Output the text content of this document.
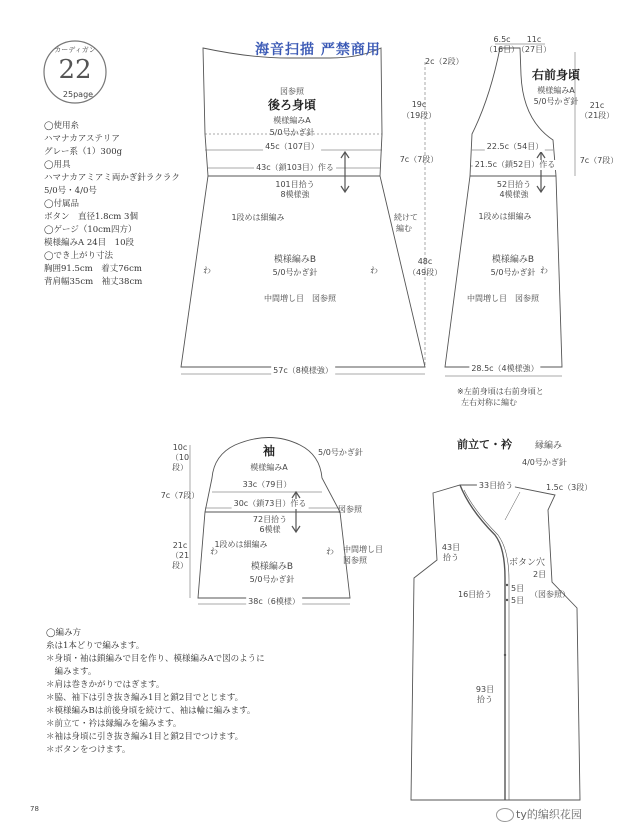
カーディガン
22
25page
海音扫描 严禁商用
◯使用糸
ハマナカアステリア
グレー系（1）300g
◯用具
ハマナカアミアミ両かぎ針ラクラク
5/0号・4/0号
◯付属品
ボタン　直径1.8cm 3個
◯ゲージ（10cm四方）
模様編みA 24目　10段
◯でき上がり寸法
胸囲91.5cm　着丈76cm
背肩幅35cm　袖丈38cm
図参照
後ろ身頃
模様編みA
5/0号かぎ針
45c（107目）
43c（鎖103目）作る
101目拾う
8模様強
1段めは細編み
模様編みB
5/0号かぎ針
中間増し目　図参照
57c（8模様強）
わ	わ
続けて
編む
2c（2段）
19c
（19段）
7c（7段）
48c
（49段）
6.5c
（16目）
11c
（27目）
右前身頃
模様編みA
5/0号かぎ針
22.5c（54目）
21.5c（鎖52目）作る
52目拾う
4模様強
1段めは細編み
模様編みB
5/0号かぎ針
中間増し目　図参照
28.5c（4模様強）
21c
（21段）
7c（7段）
わ
※左前身頃は右前身頃と
左右対称に編む
袖	5/0号かぎ針
模様編みA
33c（79目）
30c（鎖73目）作る
72目拾う
6模様
1段めは細編み
模様編みB
5/0号かぎ針
38c（6模様）
図参照
中間増し目
図参照
10c
（10段）
7c（7段）
21c
（21段）
わ	わ
前立て・衿	縁編み
4/0号かぎ針
33目拾う	1.5c（3段）
43目
拾う
ボタン穴
2目
16目拾う
5目
5目
（図参照）
93目
拾う
◯編み方
糸は1本どりで編みます。
＊身頃・袖は鎖編みで目を作り、模様編みAで図のように
　編みます。
＊肩は巻きかがりではぎます。
＊脇、袖下は引き抜き編み1目と鎖2目でとじます。
＊模様編みBは前後身頃を続けて、袖は輪に編みます。
＊前立て・衿は縁編みを編みます。
＊袖は身頃に引き抜き編み1目と鎖2目でつけます。
＊ボタンをつけます。
78	ty的编织花园
